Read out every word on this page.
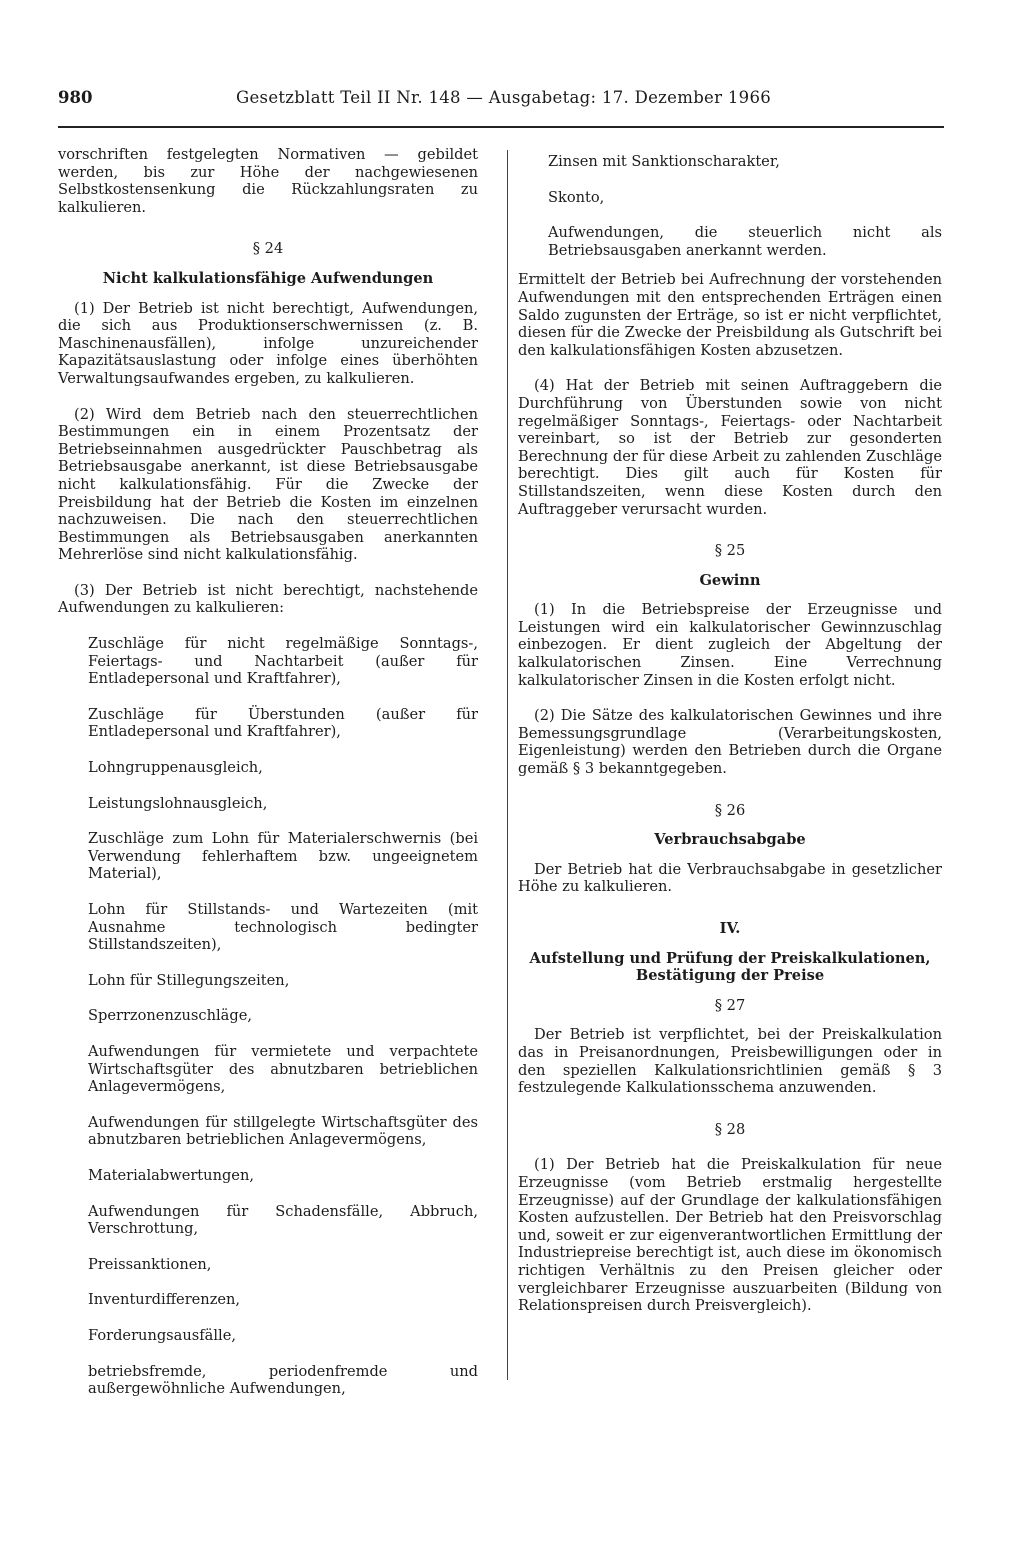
980	Gesetzblatt Teil II Nr. 148 — Ausgabetag: 17. Dezember 1966

vorschriften festgelegten Normativen — gebildet werden, bis zur Höhe der nachgewiesenen Selbstkostensenkung die Rückzahlungsraten zu kalkulieren.

§ 24

Nicht kalkulationsfähige Aufwendungen

(1) Der Betrieb ist nicht berechtigt, Aufwendungen, die sich aus Produktionserschwernissen (z. B. Maschinenausfällen), infolge unzureichender Kapazitätsauslastung oder infolge eines überhöhten Verwaltungsaufwandes ergeben, zu kalkulieren.

(2) Wird dem Betrieb nach den steuerrechtlichen Bestimmungen ein in einem Prozentsatz der Betriebseinnahmen ausgedrückter Pauschbetrag als Betriebsausgabe anerkannt, ist diese Betriebsausgabe nicht kalkulationsfähig. Für die Zwecke der Preisbildung hat der Betrieb die Kosten im einzelnen nachzuweisen. Die nach den steuerrechtlichen Bestimmungen als Betriebsausgaben anerkannten Mehrerlöse sind nicht kalkulationsfähig.

(3) Der Betrieb ist nicht berechtigt, nachstehende Aufwendungen zu kalkulieren:

Zuschläge für nicht regelmäßige Sonntags-, Feiertags- und Nachtarbeit (außer für Entladepersonal und Kraftfahrer),

Zuschläge für Überstunden (außer für Entladepersonal und Kraftfahrer),

Lohngruppenausgleich,

Leistungslohnausgleich,

Zuschläge zum Lohn für Materialerschwernis (bei Verwendung fehlerhaftem bzw. ungeeignetem Material),

Lohn für Stillstands- und Wartezeiten (mit Ausnahme technologisch bedingter Stillstandszeiten),

Lohn für Stillegungszeiten,

Sperrzonenzuschläge,

Aufwendungen für vermietete und verpachtete Wirtschaftsgüter des abnutzbaren betrieblichen Anlagevermögens,

Aufwendungen für stillgelegte Wirtschaftsgüter des abnutzbaren betrieblichen Anlagevermögens,

Materialabwertungen,

Aufwendungen für Schadensfälle, Abbruch, Verschrottung,

Preissanktionen,

Inventurdifferenzen,

Forderungsausfälle,

betriebsfremde, periodenfremde und außergewöhnliche Aufwendungen,

Zinsen mit Sanktionscharakter,

Skonto,

Aufwendungen, die steuerlich nicht als Betriebsausgaben anerkannt werden.

Ermittelt der Betrieb bei Aufrechnung der vorstehenden Aufwendungen mit den entsprechenden Erträgen einen Saldo zugunsten der Erträge, so ist er nicht verpflichtet, diesen für die Zwecke der Preisbildung als Gutschrift bei den kalkulationsfähigen Kosten abzusetzen.

(4) Hat der Betrieb mit seinen Auftraggebern die Durchführung von Überstunden sowie von nicht regelmäßiger Sonntags-, Feiertags- oder Nachtarbeit vereinbart, so ist der Betrieb zur gesonderten Berechnung der für diese Arbeit zu zahlenden Zuschläge berechtigt. Dies gilt auch für Kosten für Stillstandszeiten, wenn diese Kosten durch den Auftraggeber verursacht wurden.

§ 25

Gewinn

(1) In die Betriebspreise der Erzeugnisse und Leistungen wird ein kalkulatorischer Gewinnzuschlag einbezogen. Er dient zugleich der Abgeltung der kalkulatorischen Zinsen. Eine Verrechnung kalkulatorischer Zinsen in die Kosten erfolgt nicht.

(2) Die Sätze des kalkulatorischen Gewinnes und ihre Bemessungsgrundlage (Verarbeitungskosten, Eigenleistung) werden den Betrieben durch die Organe gemäß § 3 bekanntgegeben.

§ 26

Verbrauchsabgabe

Der Betrieb hat die Verbrauchsabgabe in gesetzlicher Höhe zu kalkulieren.

IV.

Aufstellung und Prüfung der Preiskalkulationen,

Bestätigung der Preise

§ 27

Der Betrieb ist verpflichtet, bei der Preiskalkulation das in Preisanordnungen, Preisbewilligungen oder in den speziellen Kalkulationsrichtlinien gemäß § 3 festzulegende Kalkulationsschema anzuwenden.

§ 28

(1) Der Betrieb hat die Preiskalkulation für neue Erzeugnisse (vom Betrieb erstmalig hergestellte Erzeugnisse) auf der Grundlage der kalkulationsfähigen Kosten aufzustellen. Der Betrieb hat den Preisvorschlag und, soweit er zur eigenverantwortlichen Ermittlung der Industriepreise berechtigt ist, auch diese im ökonomisch richtigen Verhältnis zu den Preisen gleicher oder vergleichbarer Erzeugnisse auszuarbeiten (Bildung von Relationspreisen durch Preisvergleich).
